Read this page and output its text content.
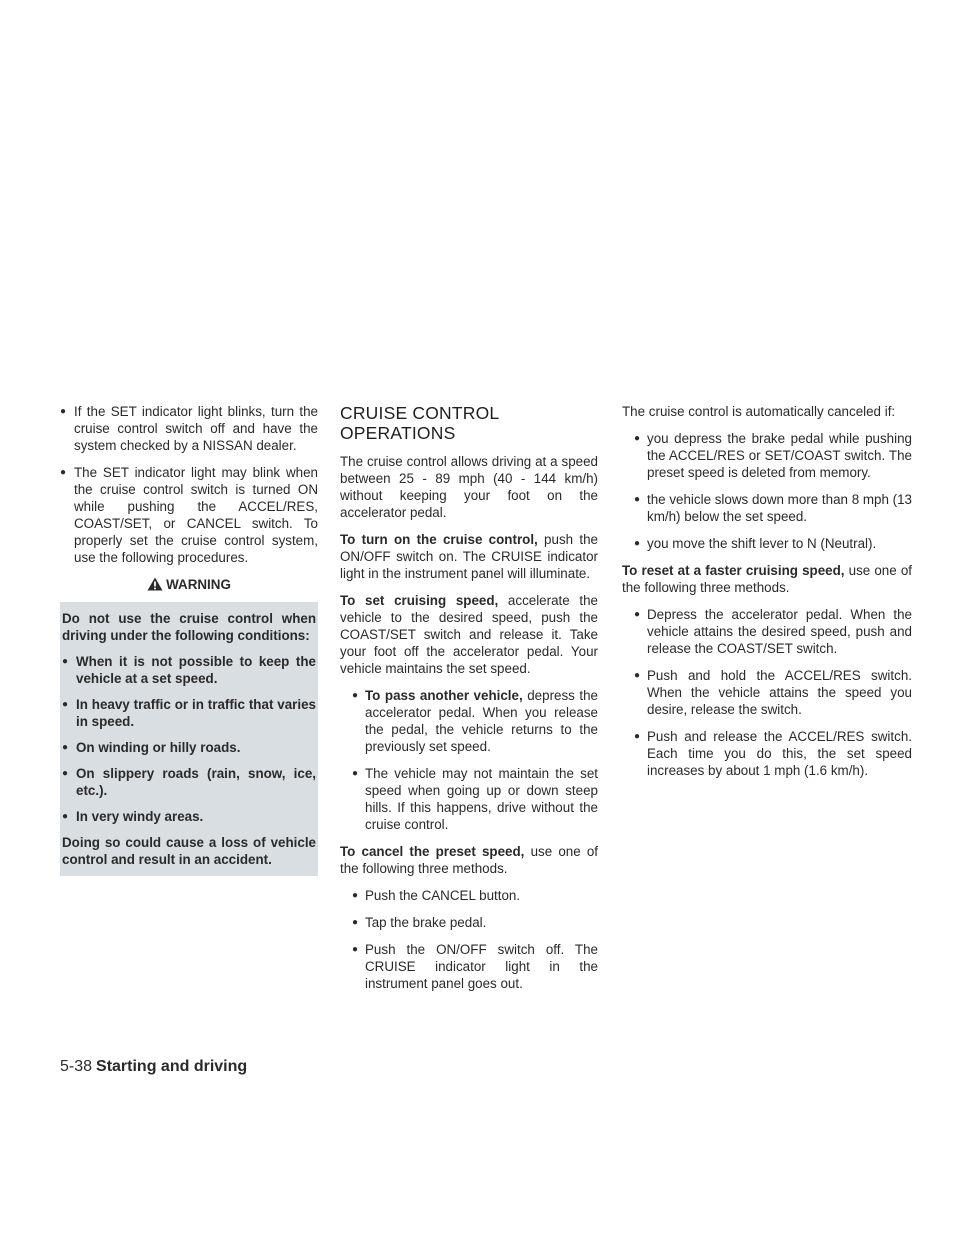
● If the SET indicator light blinks, turn the cruise control switch off and have the system checked by a NISSAN dealer.
● The SET indicator light may blink when the cruise control switch is turned ON while pushing the ACCEL/RES, COAST/SET, or CANCEL switch. To properly set the cruise control system, use the following procedures.
WARNING

Do not use the cruise control when driving under the following conditions:

● When it is not possible to keep the vehicle at a set speed.
● In heavy traffic or in traffic that varies in speed.
● On winding or hilly roads.
● On slippery roads (rain, snow, ice, etc.).
● In very windy areas.

Doing so could cause a loss of vehicle control and result in an accident.

CRUISE CONTROL OPERATIONS

The cruise control allows driving at a speed between 25 - 89 mph (40 - 144 km/h) without keeping your foot on the accelerator pedal.

To turn on the cruise control, push the ON/OFF switch on. The CRUISE indicator light in the instrument panel will illuminate.

To set cruising speed, accelerate the vehicle to the desired speed, push the COAST/SET switch and release it. Take your foot off the accelerator pedal. Your vehicle maintains the set speed.

● To pass another vehicle, depress the accelerator pedal. When you release the pedal, the vehicle returns to the previously set speed.
● The vehicle may not maintain the set speed when going up or down steep hills. If this happens, drive without the cruise control.

To cancel the preset speed, use one of the following three methods.

● Push the CANCEL button.
● Tap the brake pedal.
● Push the ON/OFF switch off. The CRUISE indicator light in the instrument panel goes out.

The cruise control is automatically canceled if:

● you depress the brake pedal while pushing the ACCEL/RES or SET/COAST switch. The preset speed is deleted from memory.
● the vehicle slows down more than 8 mph (13 km/h) below the set speed.
● you move the shift lever to N (Neutral).

To reset at a faster cruising speed, use one of the following three methods.

● Depress the accelerator pedal. When the vehicle attains the desired speed, push and release the COAST/SET switch.
● Push and hold the ACCEL/RES switch. When the vehicle attains the speed you desire, release the switch.
● Push and release the ACCEL/RES switch. Each time you do this, the set speed increases by about 1 mph (1.6 km/h).
5-38 Starting and driving
